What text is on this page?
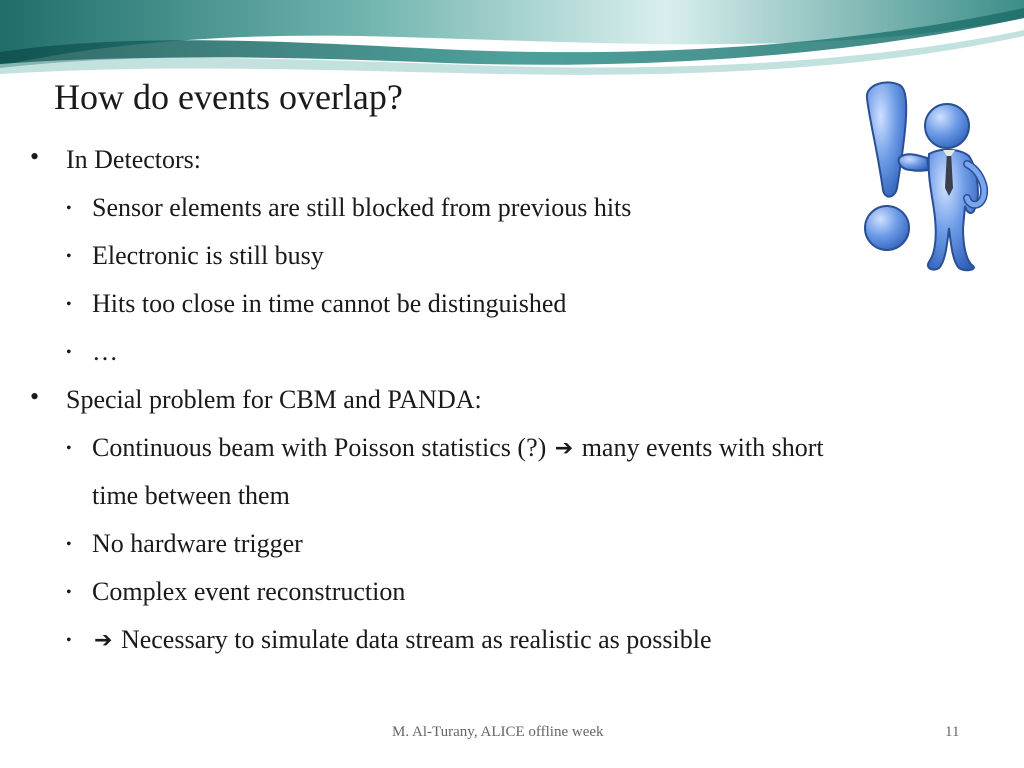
How do events overlap?
• In Detectors:
• Sensor elements are still blocked from previous hits
• Electronic is still busy
• Hits too close in time cannot be distinguished
• …
• Special problem for CBM and PANDA:
• Continuous beam with Poisson statistics (?) ➔ many events with short
time between them
• No hardware trigger
• Complex event reconstruction
• ➔ Necessary to simulate data stream as realistic as possible
M. Al-Turany, ALICE offline week	11
